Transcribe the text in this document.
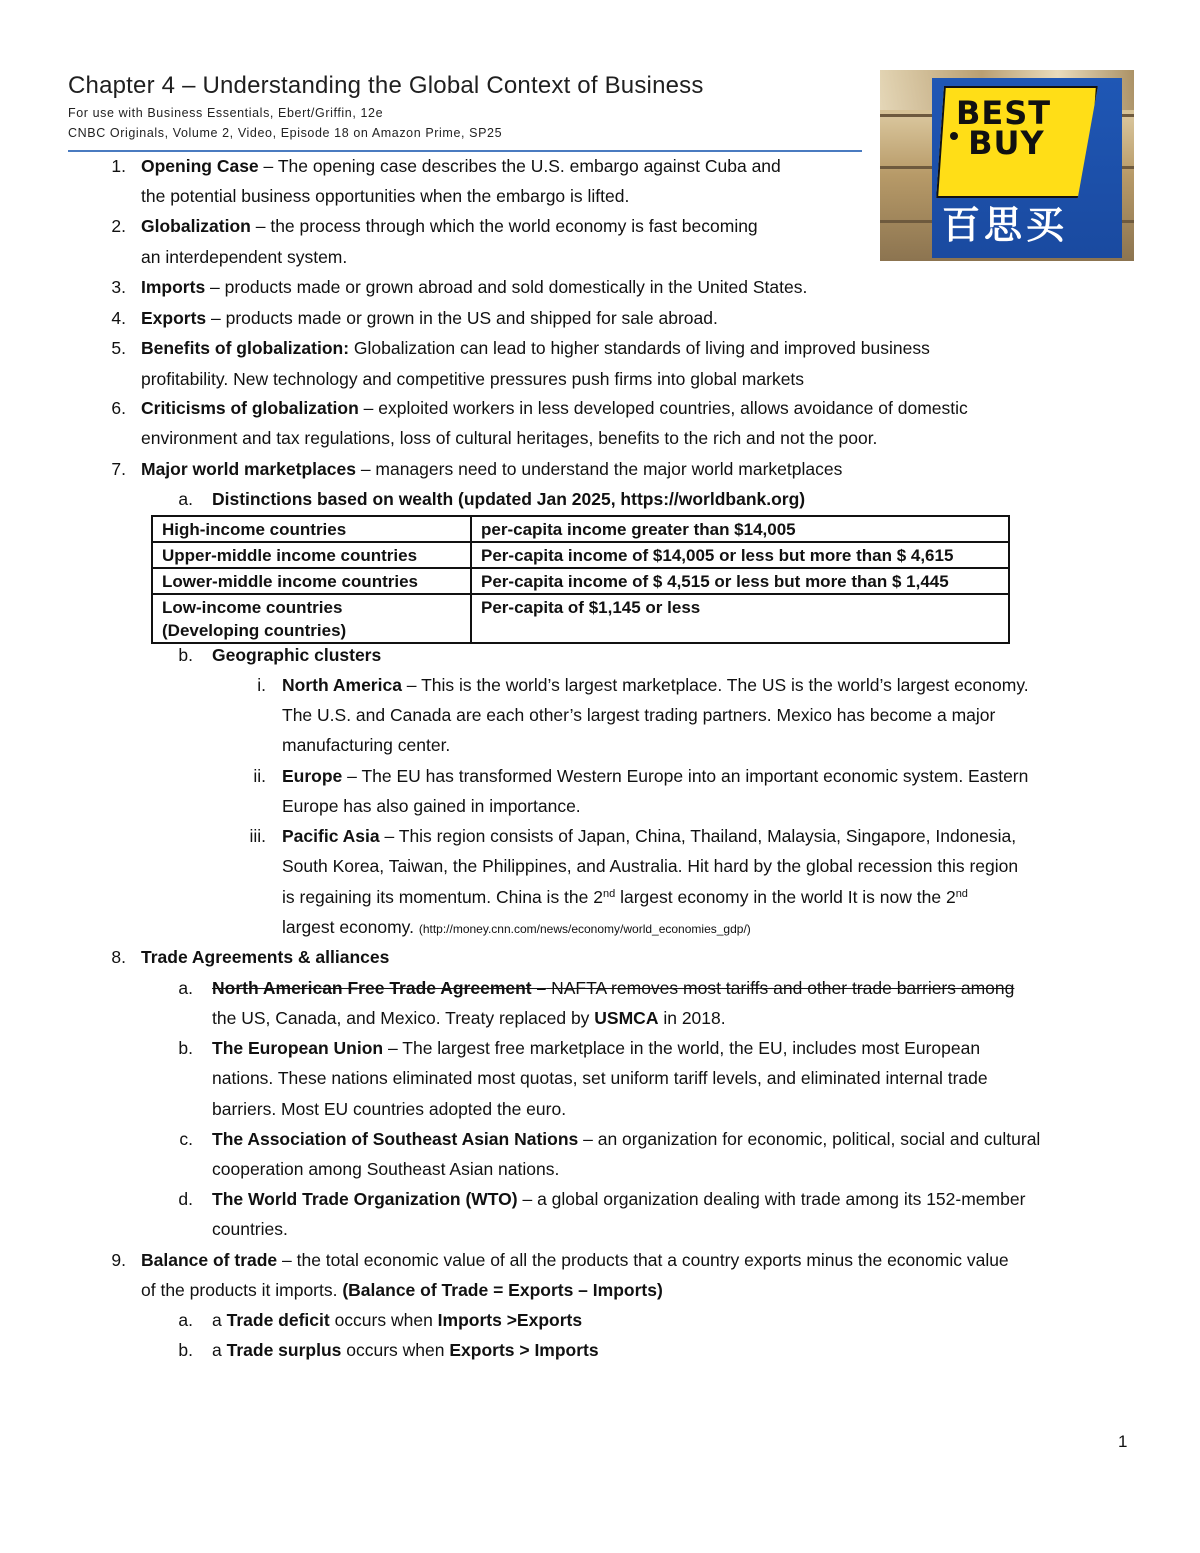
Chapter 4 – Understanding the Global Context of Business
For use with Business Essentials, Ebert/Griffin, 12e
CNBC Originals, Volume 2, Video, Episode 18 on Amazon Prime, SP25
BEST
BUY
百思买
1. Opening Case – The opening case describes the U.S. embargo against Cuba and
the potential business opportunities when the embargo is lifted.
2. Globalization – the process through which the world economy is fast becoming
an interdependent system.
3. Imports – products made or grown abroad and sold domestically in the United States.
4. Exports – products made or grown in the US and shipped for sale abroad.
5. Benefits of globalization: Globalization can lead to higher standards of living and improved business
profitability. New technology and competitive pressures push firms into global markets
6. Criticisms of globalization – exploited workers in less developed countries, allows avoidance of domestic
environment and tax regulations, loss of cultural heritages, benefits to the rich and not the poor.
7. Major world marketplaces – managers need to understand the major world marketplaces
a. Distinctions based on wealth (updated Jan 2025, https://worldbank.org)
High-income countries	per-capita income greater than $14,005
Upper-middle income countries	Per-capita income of $14,005 or less but more than $ 4,615
Lower-middle income countries	Per-capita income of $ 4,515 or less but more than $ 1,445
Low-income countries
(Developing countries)	Per-capita of $1,145 or less
b. Geographic clusters
i. North America – This is the world’s largest marketplace. The US is the world’s largest economy.
The U.S. and Canada are each other’s largest trading partners. Mexico has become a major
manufacturing center.
ii. Europe – The EU has transformed Western Europe into an important economic system. Eastern
Europe has also gained in importance.
iii. Pacific Asia – This region consists of Japan, China, Thailand, Malaysia, Singapore, Indonesia,
South Korea, Taiwan, the Philippines, and Australia. Hit hard by the global recession this region
is regaining its momentum. China is the 2nd largest economy in the world It is now the 2nd
largest economy. (http://money.cnn.com/news/economy/world_economies_gdp/)
8. Trade Agreements & alliances
a. North American Free Trade Agreement – NAFTA removes most tariffs and other trade barriers among
the US, Canada, and Mexico. Treaty replaced by USMCA in 2018.
b. The European Union – The largest free marketplace in the world, the EU, includes most European
nations. These nations eliminated most quotas, set uniform tariff levels, and eliminated internal trade
barriers. Most EU countries adopted the euro.
c. The Association of Southeast Asian Nations – an organization for economic, political, social and cultural
cooperation among Southeast Asian nations.
d. The World Trade Organization (WTO) – a global organization dealing with trade among its 152-member
countries.
9. Balance of trade – the total economic value of all the products that a country exports minus the economic value
of the products it imports. (Balance of Trade = Exports – Imports)
a. a Trade deficit occurs when Imports >Exports
b. a Trade surplus occurs when Exports > Imports
1
